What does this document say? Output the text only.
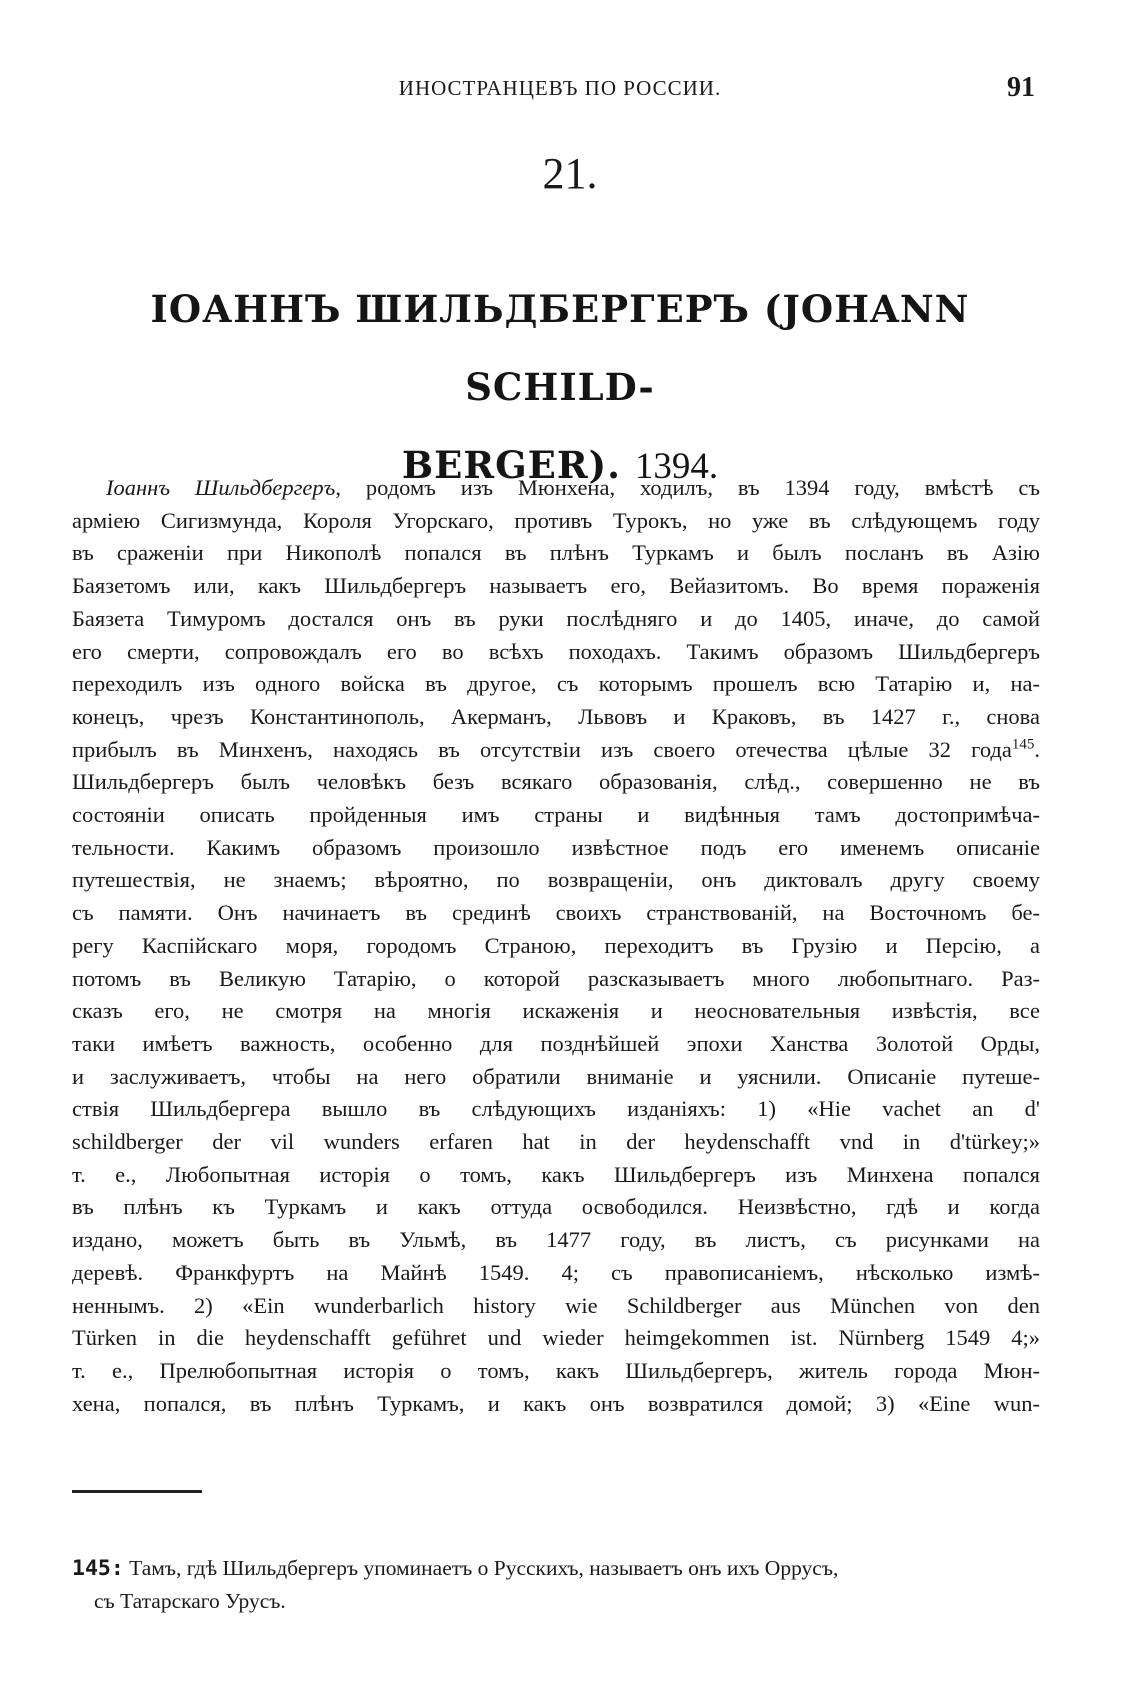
ИНОСТРАНЦЕВЪ ПО РОССИИ.	91
21.
ІОАННЪ ШИЛЬДБЕРГЕРЪ (JOHANN SCHILD-
BERGER). 1394.
Іоаннъ Шильдбергеръ, родомъ изъ Мюнхена, ходилъ, въ 1394 году, вмѣстѣ съ
арміею Сигизмунда, Короля Угорскаго, противъ Турокъ, но уже въ слѣдующемъ году
въ сраженіи при Никополѣ попался въ плѣнъ Туркамъ и былъ посланъ въ Азію
Баязетомъ или, какъ Шильдбергеръ называетъ его, Вейазитомъ. Во время пораженія
Баязета Тимуромъ достался онъ въ руки послѣдняго и до 1405, иначе, до самой
его смерти, сопровождалъ его во всѣхъ походахъ. Такимъ образомъ Шильдбергеръ
переходилъ изъ одного войска въ другое, съ которымъ прошелъ всю Татарію и, на-
конецъ, чрезъ Константинополь, Акерманъ, Львовъ и Краковъ, въ 1427 г., снова
прибылъ въ Минхенъ, находясь въ отсутствіи изъ своего отечества цѣлые 32 года$^{145}$.
Шильдбергеръ былъ человѣкъ безъ всякаго образованія, слѣд., совершенно не въ
состояніи описать пройденныя имъ страны и видѣнныя тамъ достопримѣча-
тельности. Какимъ образомъ произошло извѣстное подъ его именемъ описаніе
путешествія, не знаемъ; вѣроятно, по возвращеніи, онъ диктовалъ другу своему
съ памяти. Онъ начинаетъ въ срединѣ своихъ странствованій, на Восточномъ бе-
регу Каспійскаго моря, городомъ Страною, переходитъ въ Грузію и Персію, а
потомъ въ Великую Татарію, о которой разсказываетъ много любопытнаго. Раз-
сказъ его, не смотря на многія искаженія и неосновательныя извѣстія, все
таки имѣетъ важность, особенно для позднѣйшей эпохи Ханства Золотой Орды,
и заслуживаетъ, чтобы на него обратили вниманіе и уяснили. Описаніе путеше-
ствія Шильдбергера вышло въ слѣдующихъ изданіяхъ: 1) «Hie vachet an d'
schildberger der vil wunders erfaren hat in der heydenschafft vnd in d'türkey;»
т. е., Любопытная исторія о томъ, какъ Шильдбергеръ изъ Минхена попался
въ плѣнъ къ Туркамъ и какъ оттуда освободился. Неизвѣстно, гдѣ и когда
издано, можетъ быть въ Ульмѣ, въ 1477 году, въ листъ, съ рисунками на
деревѣ. Франкфуртъ на Майнѣ 1549. 4; съ правописаніемъ, нѣсколько измѣ-
неннымъ. 2) «Ein wunderbarlich history wie Schildberger aus München von den
Türken in die heydenschafft geführet und wieder heimgekommen ist. Nürnberg 1549 4;»
т. е., Прелюбопытная исторія о томъ, какъ Шильдбергеръ, житель города Мюн-
хена, попался, въ плѣнъ Туркамъ, и какъ онъ возвратился домой; 3) «Eine wun-
145: Тамъ, гдѣ Шильдбергеръ упоминаетъ о Русскихъ, называетъ онъ ихъ Оррусъ,
съ Татарскаго Урусъ.
